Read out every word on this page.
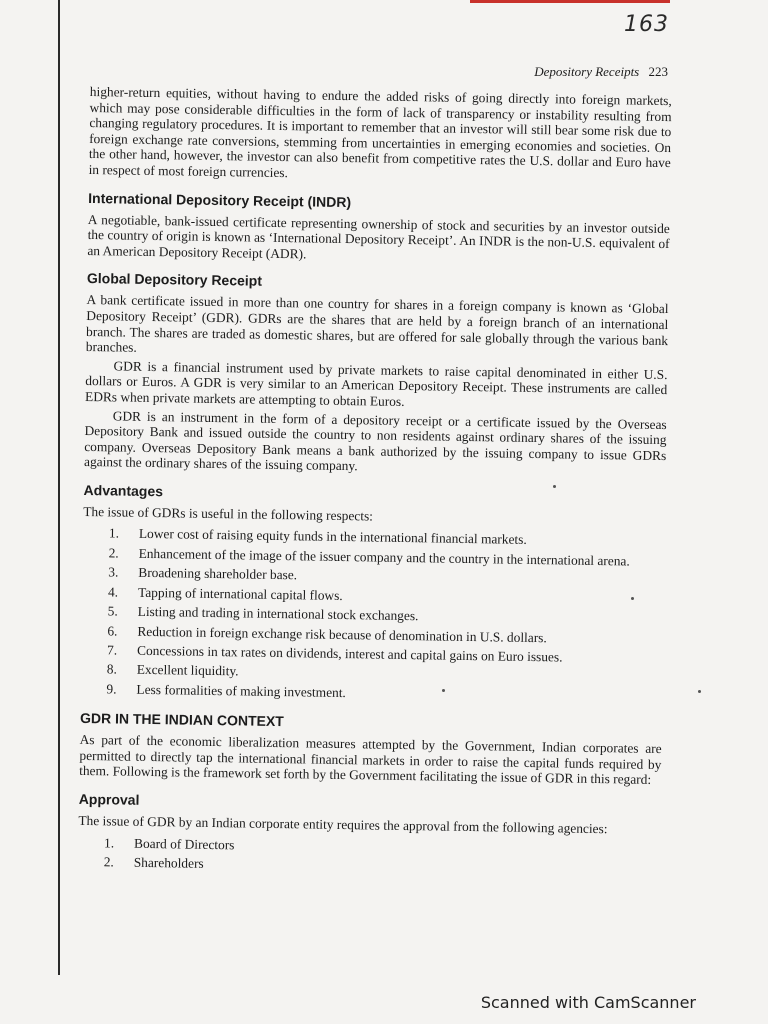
163
Depository Receipts 223

higher-return equities, without having to endure the added risks of going directly into foreign markets, which may pose considerable difficulties in the form of lack of transparency or instability resulting from changing regulatory procedures. It is important to remember that an investor will still bear some risk due to foreign exchange rate conversions, stemming from uncertainties in emerging economies and societies. On the other hand, however, the investor can also benefit from competitive rates the U.S. dollar and Euro have in respect of most foreign currencies.

International Depository Receipt (INDR)

A negotiable, bank-issued certificate representing ownership of stock and securities by an investor outside the country of origin is known as ‘International Depository Receipt’. An INDR is the non-U.S. equivalent of an American Depository Receipt (ADR).

Global Depository Receipt

A bank certificate issued in more than one country for shares in a foreign company is known as ‘Global Depository Receipt’ (GDR). GDRs are the shares that are held by a foreign branch of an international branch. The shares are traded as domestic shares, but are offered for sale globally through the various bank branches.

GDR is a financial instrument used by private markets to raise capital denominated in either U.S. dollars or Euros. A GDR is very similar to an American Depository Receipt. These instruments are called EDRs when private markets are attempting to obtain Euros.

GDR is an instrument in the form of a depository receipt or a certificate issued by the Overseas Depository Bank and issued outside the country to non residents against ordinary shares of the issuing company. Overseas Depository Bank means a bank authorized by the issuing company to issue GDRs against the ordinary shares of the issuing company.

Advantages

The issue of GDRs is useful in the following respects:

1. Lower cost of raising equity funds in the international financial markets.
2. Enhancement of the image of the issuer company and the country in the international arena.
3. Broadening shareholder base.
4. Tapping of international capital flows.
5. Listing and trading in international stock exchanges.
6. Reduction in foreign exchange risk because of denomination in U.S. dollars.
7. Concessions in tax rates on dividends, interest and capital gains on Euro issues.
8. Excellent liquidity.
9. Less formalities of making investment.
GDR IN THE INDIAN CONTEXT

As part of the economic liberalization measures attempted by the Government, Indian corporates are permitted to directly tap the international financial markets in order to raise the capital funds required by them. Following is the framework set forth by the Government facilitating the issue of GDR in this regard:

Approval

The issue of GDR by an Indian corporate entity requires the approval from the following agencies:

1. Board of Directors
2. Shareholders
Scanned with CamScanner
